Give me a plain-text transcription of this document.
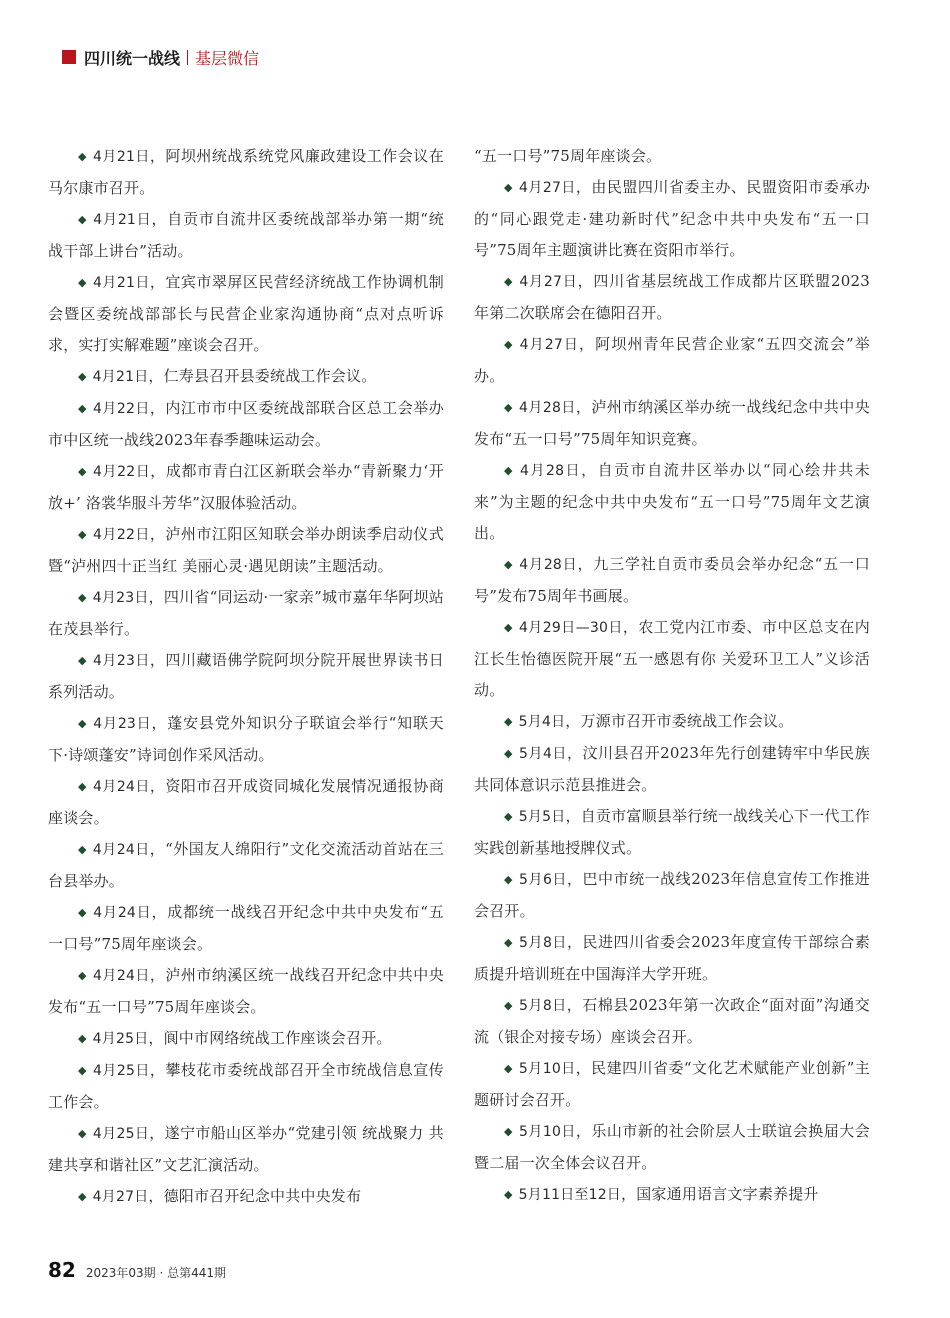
四川统一战线 基层微信

◆ 4月21日，阿坝州统战系统党风廉政建设工作会议在马尔康市召开。

◆ 4月21日，自贡市自流井区委统战部举办第一期“统战干部上讲台”活动。

◆ 4月21日，宜宾市翠屏区民营经济统战工作协调机制会暨区委统战部部长与民营企业家沟通协商“点对点听诉求，实打实解难题”座谈会召开。

◆ 4月21日，仁寿县召开县委统战工作会议。

◆ 4月22日，内江市市中区委统战部联合区总工会举办市中区统一战线2023年春季趣味运动会。

◆ 4月22日，成都市青白江区新联会举办“青新聚力‘开放+’ 洛裳华服斗芳华”汉服体验活动。

◆ 4月22日，泸州市江阳区知联会举办朗读季启动仪式暨“泸州四十正当红 美丽心灵·遇见朗读”主题活动。

◆ 4月23日，四川省“同运动·一家亲”城市嘉年华阿坝站在茂县举行。

◆ 4月23日，四川藏语佛学院阿坝分院开展世界读书日系列活动。

◆ 4月23日，蓬安县党外知识分子联谊会举行“知联天下·诗颂蓬安”诗词创作采风活动。

◆ 4月24日，资阳市召开成资同城化发展情况通报协商座谈会。

◆ 4月24日，“外国友人绵阳行”文化交流活动首站在三台县举办。

◆ 4月24日，成都统一战线召开纪念中共中央发布“五一口号”75周年座谈会。

◆ 4月24日，泸州市纳溪区统一战线召开纪念中共中央发布“五一口号”75周年座谈会。

◆ 4月25日，阆中市网络统战工作座谈会召开。

◆ 4月25日，攀枝花市委统战部召开全市统战信息宣传工作会。

◆ 4月25日，遂宁市船山区举办“党建引领 统战聚力 共建共享和谐社区”文艺汇演活动。

◆ 4月27日，德阳市召开纪念中共中央发布

“五一口号”75周年座谈会。

◆ 4月27日，由民盟四川省委主办、民盟资阳市委承办的“同心跟党走·建功新时代”纪念中共中央发布“五一口号”75周年主题演讲比赛在资阳市举行。

◆ 4月27日，四川省基层统战工作成都片区联盟2023年第二次联席会在德阳召开。

◆ 4月27日，阿坝州青年民营企业家“五四交流会”举办。

◆ 4月28日，泸州市纳溪区举办统一战线纪念中共中央发布“五一口号”75周年知识竞赛。

◆ 4月28日，自贡市自流井区举办以“同心绘井共未来”为主题的纪念中共中央发布“五一口号”75周年文艺演出。

◆ 4月28日，九三学社自贡市委员会举办纪念“五一口号”发布75周年书画展。

◆ 4月29日—30日，农工党内江市委、市中区总支在内江长生怡德医院开展“五一感恩有你 关爱环卫工人”义诊活动。

◆ 5月4日，万源市召开市委统战工作会议。

◆ 5月4日，汶川县召开2023年先行创建铸牢中华民族共同体意识示范县推进会。

◆ 5月5日，自贡市富顺县举行统一战线关心下一代工作实践创新基地授牌仪式。

◆ 5月6日，巴中市统一战线2023年信息宣传工作推进会召开。

◆ 5月8日，民进四川省委会2023年度宣传干部综合素质提升培训班在中国海洋大学开班。

◆ 5月8日，石棉县2023年第一次政企“面对面”沟通交流（银企对接专场）座谈会召开。

◆ 5月10日，民建四川省委“文化艺术赋能产业创新”主题研讨会召开。

◆ 5月10日，乐山市新的社会阶层人士联谊会换届大会暨二届一次全体会议召开。

◆ 5月11日至12日，国家通用语言文字素养提升

82 2023年03期 · 总第441期
